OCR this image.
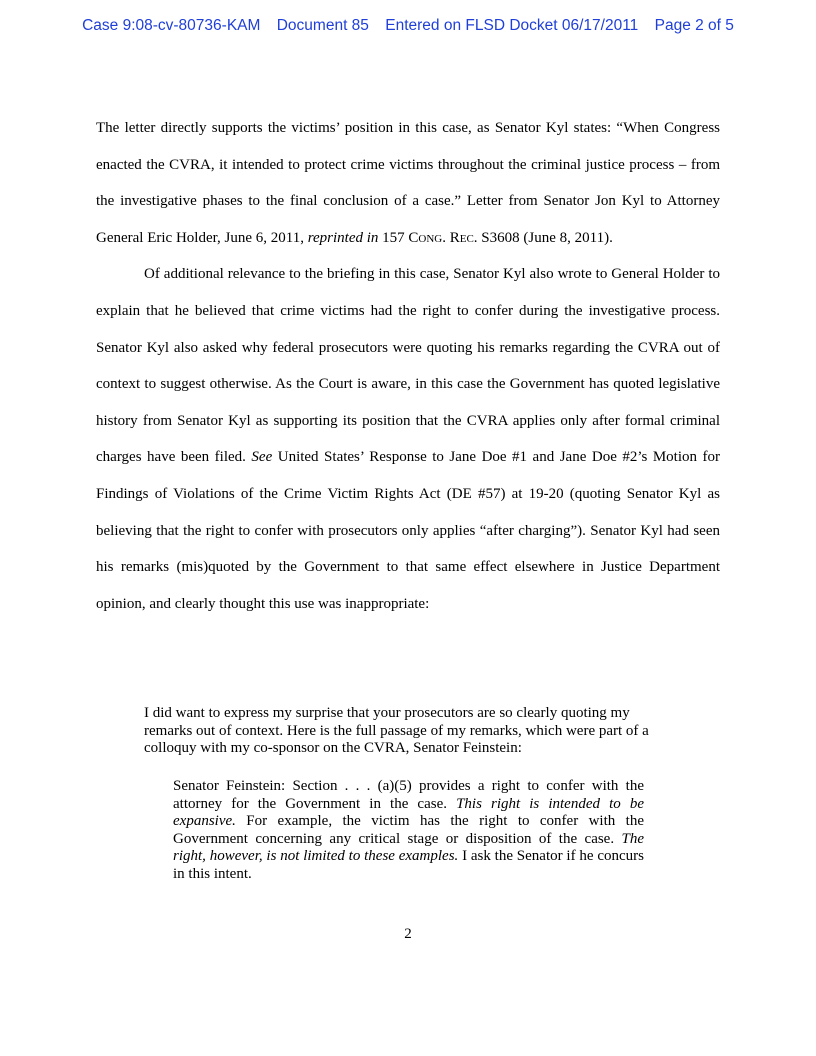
Case 9:08-cv-80736-KAM Document 85 Entered on FLSD Docket 06/17/2011 Page 2 of 5

The letter directly supports the victims’ position in this case, as Senator Kyl states: “When Congress enacted the CVRA, it intended to protect crime victims throughout the criminal justice process – from the investigative phases to the final conclusion of a case.” Letter from Senator Jon Kyl to Attorney General Eric Holder, June 6, 2011, reprinted in 157 Cong. Rec. S3608 (June 8, 2011).

Of additional relevance to the briefing in this case, Senator Kyl also wrote to General Holder to explain that he believed that crime victims had the right to confer during the investigative process. Senator Kyl also asked why federal prosecutors were quoting his remarks regarding the CVRA out of context to suggest otherwise. As the Court is aware, in this case the Government has quoted legislative history from Senator Kyl as supporting its position that the CVRA applies only after formal criminal charges have been filed. See United States’ Response to Jane Doe #1 and Jane Doe #2’s Motion for Findings of Violations of the Crime Victim Rights Act (DE #57) at 19-20 (quoting Senator Kyl as believing that the right to confer with prosecutors only applies “after charging”). Senator Kyl had seen his remarks (mis)quoted by the Government to that same effect elsewhere in Justice Department opinion, and clearly thought this use was inappropriate:

I did want to express my surprise that your prosecutors are so clearly quoting my remarks out of context. Here is the full passage of my remarks, which were part of a colloquy with my co-sponsor on the CVRA, Senator Feinstein:

Senator Feinstein: Section . . . (a)(5) provides a right to confer with the attorney for the Government in the case. This right is intended to be expansive. For example, the victim has the right to confer with the Government concerning any critical stage or disposition of the case. The right, however, is not limited to these examples. I ask the Senator if he concurs in this intent.

2
